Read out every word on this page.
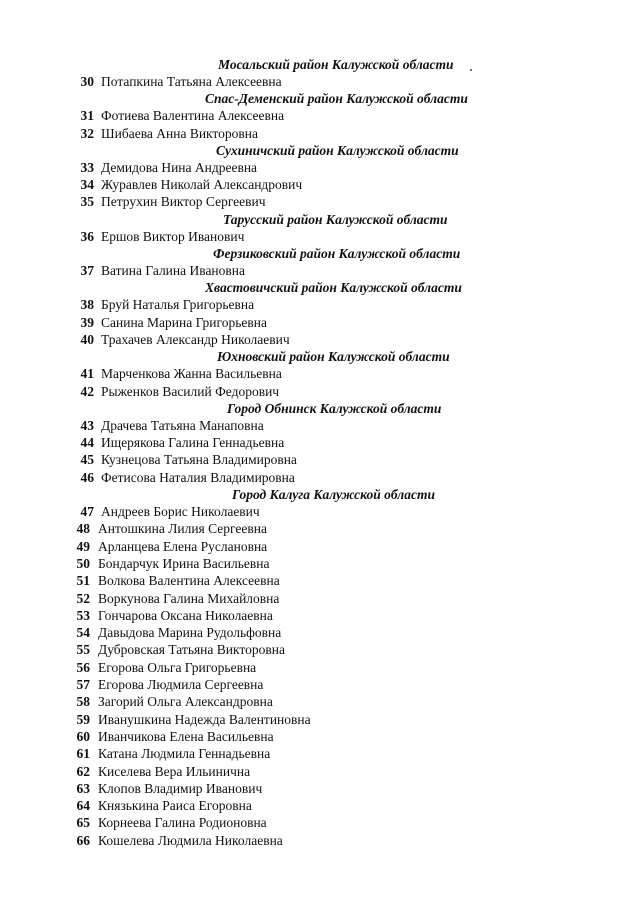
Мосальский район Калужской области
30 Потапкина Татьяна Алексеевна
Спас-Деменский район Калужской области
31 Фотиева Валентина Алексеевна
32 Шибаева Анна Викторовна
Сухиничский район Калужской области
33 Демидова Нина Андреевна
34 Журавлев Николай Александрович
35 Петрухин Виктор Сергеевич
Тарусский район Калужской области
36 Ершов Виктор Иванович
Ферзиковский район Калужской области
37 Ватина Галина Ивановна
Хвастовичский район Калужской области
38 Бруй Наталья Григорьевна
39 Санина Марина Григорьевна
40 Трахачев Александр Николаевич
Юхновский район Калужской области
41 Марченкова Жанна Васильевна
42 Рыженков Василий Федорович
Город Обнинск Калужской области
43 Драчева Татьяна Манаповна
44 Ищерякова Галина Геннадьевна
45 Кузнецова Татьяна Владимировна
46 Фетисова Наталия Владимировна
Город Калуга Калужской области
47 Андреев Борис Николаевич
48 Антошкина Лилия Сергеевна
49 Арланцева Елена Руслановна
50 Бондарчук Ирина Васильевна
51 Волкова Валентина Алексеевна
52 Воркунова Галина Михайловна
53 Гончарова Оксана Николаевна
54 Давыдова Марина Рудольфовна
55 Дубровская Татьяна Викторовна
56 Егорова Ольга Григорьевна
57 Егорова Людмила Сергеевна
58 Загорий Ольга Александровна
59 Иванушкина Надежда Валентиновна
60 Иванчикова Елена Васильевна
61 Катана Людмила Геннадьевна
62 Киселева Вера Ильинична
63 Клопов Владимир Иванович
64 Князькина Раиса Егоровна
65 Корнеева Галина Родионовна
66 Кошелева Людмила Николаевна
